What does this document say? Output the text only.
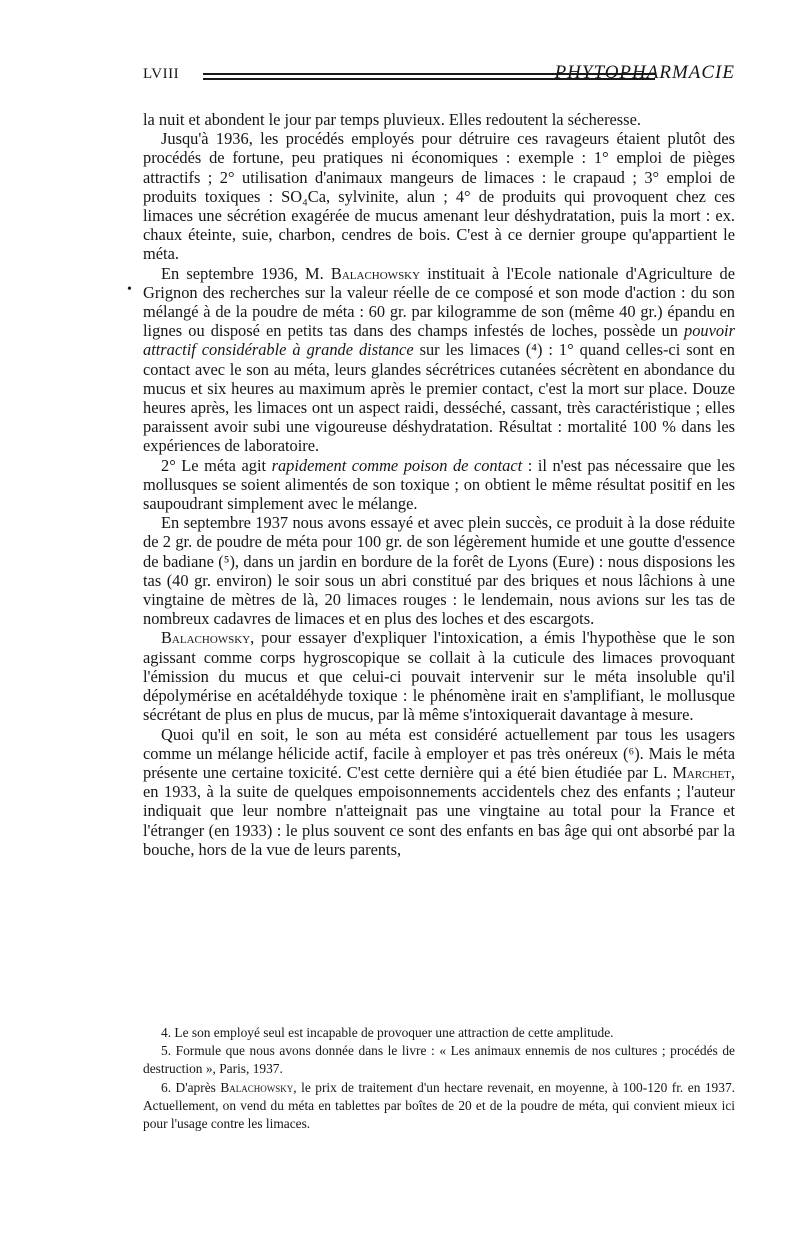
LVIII	PHYTOPHARMACIE
•

la nuit et abondent le jour par temps pluvieux. Elles redoutent la sécheresse.

Jusqu'à 1936, les procédés employés pour détruire ces ravageurs étaient plutôt des procédés de fortune, peu pratiques ni économiques : exemple : 1° emploi de pièges attractifs ; 2° utilisation d'animaux mangeurs de limaces : le crapaud ; 3° emploi de produits toxiques : SO₄Ca, sylvinite, alun ; 4° de produits qui provoquent chez ces limaces une sécrétion exagérée de mucus amenant leur déshydratation, puis la mort : ex. chaux éteinte, suie, charbon, cendres de bois. C'est à ce dernier groupe qu'appartient le méta.

En septembre 1936, M. Balachowsky instituait à l'Ecole nationale d'Agriculture de Grignon des recherches sur la valeur réelle de ce composé et son mode d'action : du son mélangé à de la poudre de méta : 60 gr. par kilogramme de son (même 40 gr.) épandu en lignes ou disposé en petits tas dans des champs infestés de loches, possède un pouvoir attractif considérable à grande distance sur les limaces (⁴) : 1° quand celles-ci sont en contact avec le son au méta, leurs glandes sécrétrices cutanées sécrètent en abondance du mucus et six heures au maximum après le premier contact, c'est la mort sur place. Douze heures après, les limaces ont un aspect raidi, desséché, cassant, très caractéristique ; elles paraissent avoir subi une vigoureuse déshydratation. Résultat : mortalité 100 % dans les expériences de laboratoire.

2° Le méta agit rapidement comme poison de contact : il n'est pas nécessaire que les mollusques se soient alimentés de son toxique ; on obtient le même résultat positif en les saupoudrant simplement avec le mélange.

En septembre 1937 nous avons essayé et avec plein succès, ce produit à la dose réduite de 2 gr. de poudre de méta pour 100 gr. de son légèrement humide et une goutte d'essence de badiane (⁵), dans un jardin en bordure de la forêt de Lyons (Eure) : nous disposions les tas (40 gr. environ) le soir sous un abri constitué par des briques et nous lâchions à une vingtaine de mètres de là, 20 limaces rouges : le lendemain, nous avions sur les tas de nombreux cadavres de limaces et en plus des loches et des escargots.

Balachowsky, pour essayer d'expliquer l'intoxication, a émis l'hypothèse que le son agissant comme corps hygroscopique se collait à la cuticule des limaces provoquant l'émission du mucus et que celui-ci pouvait intervenir sur le méta insoluble qu'il dépolymérise en acétaldéhyde toxique : le phénomène irait en s'amplifiant, le mollusque sécrétant de plus en plus de mucus, par là même s'intoxiquerait davantage à mesure.

Quoi qu'il en soit, le son au méta est considéré actuellement par tous les usagers comme un mélange hélicide actif, facile à employer et pas très onéreux (⁶). Mais le méta présente une certaine toxicité. C'est cette dernière qui a été bien étudiée par L. Marchet, en 1933, à la suite de quelques empoisonnements accidentels chez des enfants ; l'auteur indiquait que leur nombre n'atteignait pas une vingtaine au total pour la France et l'étranger (en 1933) : le plus souvent ce sont des enfants en bas âge qui ont absorbé par la bouche, hors de la vue de leurs parents,

4. Le son employé seul est incapable de provoquer une attraction de cette amplitude.

5. Formule que nous avons donnée dans le livre : « Les animaux ennemis de nos cultures ; procédés de destruction », Paris, 1937.

6. D'après Balachowsky, le prix de traitement d'un hectare revenait, en moyenne, à 100-120 fr. en 1937. Actuellement, on vend du méta en tablettes par boîtes de 20 et de la poudre de méta, qui convient mieux ici pour l'usage contre les limaces.
